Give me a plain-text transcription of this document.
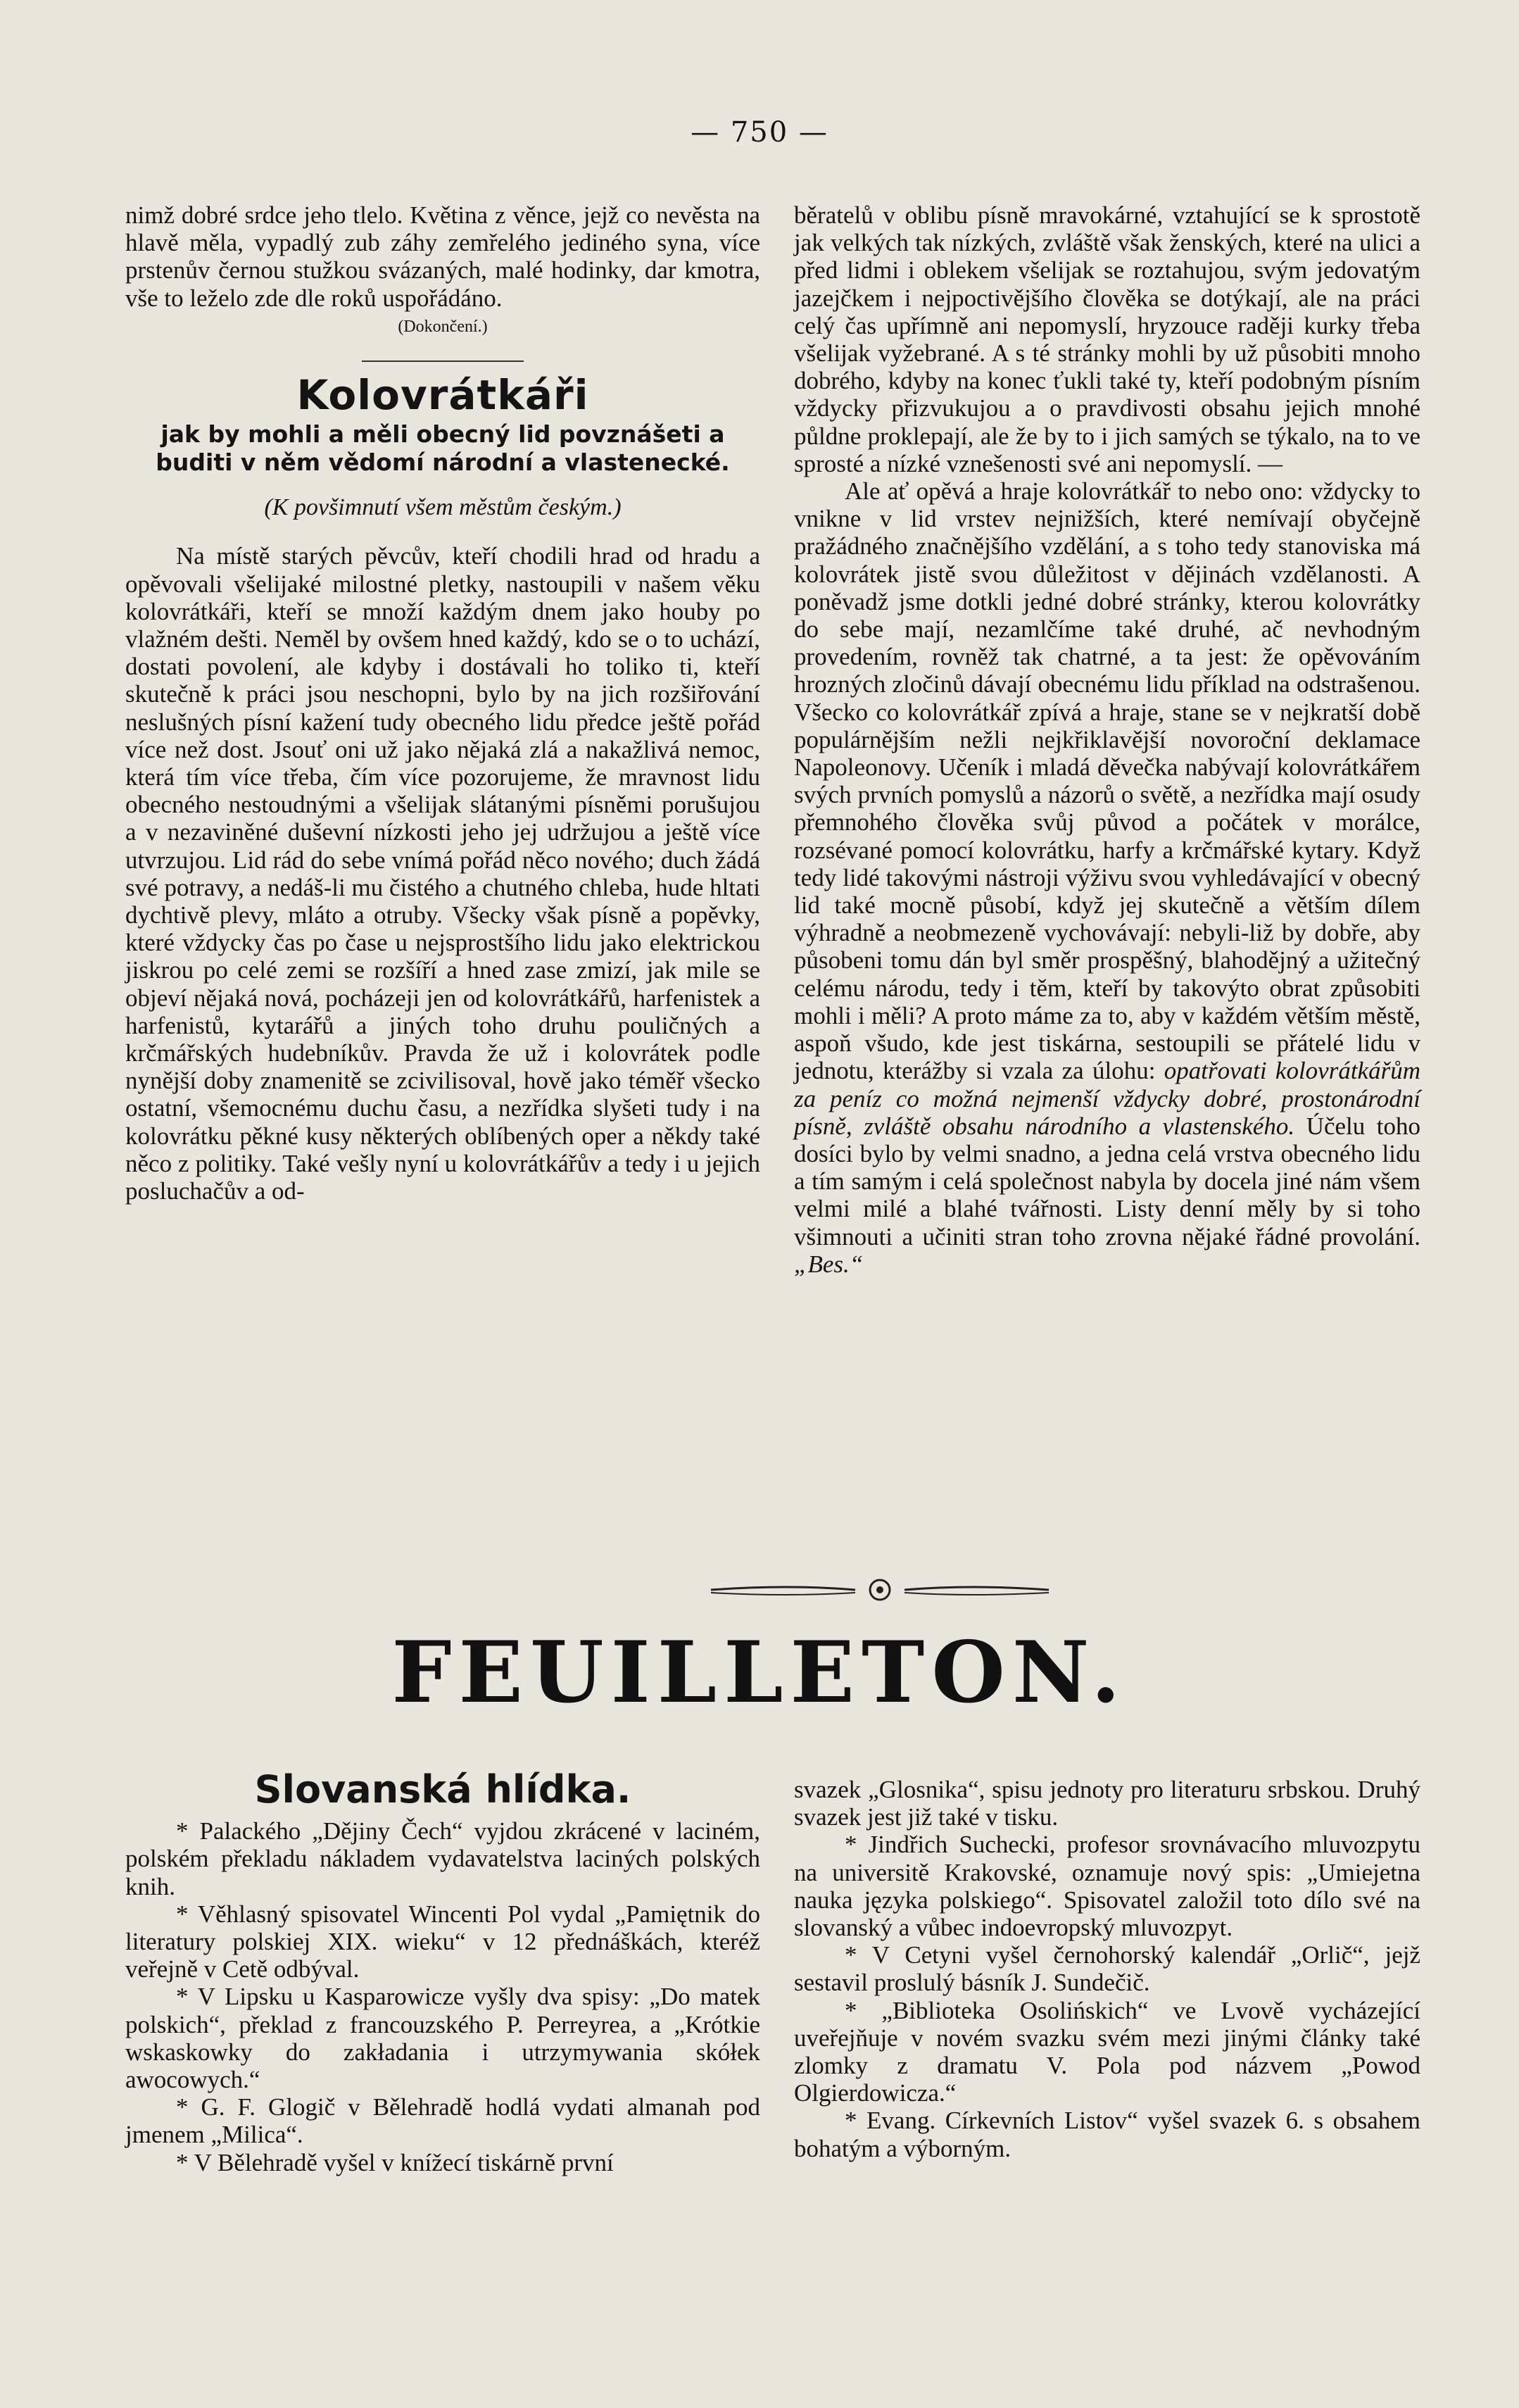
— 750 —

nimž dobré srdce jeho tlelo. Květina z věnce, jejž co nevěsta na hlavě měla, vypadlý zub záhy zemřelého jediného syna, více prstenův černou stužkou svázaných, malé hodinky, dar kmotra, vše to leželo zde dle roků uspořádáno.

(Dokončení.)
Kolovrátkáři
jak by mohli a měli obecný lid povznášeti a buditi v něm vědomí národní a vlastenecké.
(K povšimnutí všem městům českým.)

Na místě starých pěvcův, kteří chodili hrad od hradu a opěvovali všelijaké milostné pletky, nastoupili v našem věku kolovrátkáři, kteří se množí každým dnem jako houby po vlažném dešti. Neměl by ovšem hned každý, kdo se o to uchází, dostati povolení, ale kdyby i dostávali ho toliko ti, kteří skutečně k práci jsou neschopni, bylo by na jich rozšiřování neslušných písní kažení tudy obecného lidu předce ještě pořád více než dost. Jsouť oni už jako nějaká zlá a nakažlivá nemoc, která tím více třeba, čím více pozorujeme, že mravnost lidu obecného nestoudnými a všelijak slátanými písněmi porušujou a v nezaviněné duševní nízkosti jeho jej udržujou a ještě více utvrzujou. Lid rád do sebe vnímá pořád něco nového; duch žádá své potravy, a nedáš-li mu čistého a chutného chleba, hude hltati dychtivě plevy, mláto a otruby. Všecky však písně a popěvky, které vždycky čas po čase u nejsprostšího lidu jako elektrickou jiskrou po celé zemi se rozšíří a hned zase zmizí, jak mile se objeví nějaká nová, pocházeji jen od kolovrátkářů, harfenistek a harfenistů, kytarářů a jiných toho druhu pouličných a krčmářských hudebníkův. Pravda že už i kolovrátek podle nynější doby znamenitě se zcivilisoval, hově jako téměř všecko ostatní, všemocnému duchu času, a nezřídka slyšeti tudy i na kolovrátku pěkné kusy některých oblíbených oper a někdy také něco z politiky. Také vešly nyní u kolovrátkářův a tedy i u jejich posluchačův a od-

běratelů v oblibu písně mravokárné, vztahující se k sprostotě jak velkých tak nízkých, zvláště však ženských, které na ulici a před lidmi i oblekem všelijak se roztahujou, svým jedovatým jazejčkem i nejpoctivějšího člověka se dotýkají, ale na práci celý čas upřímně ani nepomyslí, hryzouce raději kurky třeba všelijak vyžebrané. A s té stránky mohli by už působiti mnoho dobrého, kdyby na konec ťukli také ty, kteří podobným písním vždycky přizvukujou a o pravdivosti obsahu jejich mnohé půldne proklepají, ale že by to i jich samých se týkalo, na to ve sprosté a nízké vznešenosti své ani nepomyslí. —

Ale ať opěvá a hraje kolovrátkář to nebo ono: vždycky to vnikne v lid vrstev nejnižších, které nemívají obyčejně pražádného značnějšího vzdělání, a s toho tedy stanoviska má kolovrátek jistě svou důležitost v dějinách vzdělanosti. A poněvadž jsme dotkli jedné dobré stránky, kterou kolovrátky do sebe mají, nezamlčíme také druhé, ač nevhodným provedením, rovněž tak chatrné, a ta jest: že opěvováním hrozných zločinů dávají obecnému lidu příklad na odstrašenou. Všecko co kolovrátkář zpívá a hraje, stane se v nejkratší době populárnějším nežli nejkřiklavější novoroční deklamace Napoleonovy. Učeník i mladá děvečka nabývají kolovrátkářem svých prvních pomyslů a názorů o světě, a nezřídka mají osudy přemnohého člověka svůj původ a počátek v morálce, rozsévané pomocí kolovrátku, harfy a krčmářské kytary. Když tedy lidé takovými nástroji výživu svou vyhledávající v obecný lid také mocně působí, když jej skutečně a větším dílem výhradně a neobmezeně vychovávají: nebyli-liž by dobře, aby působeni tomu dán byl směr prospěšný, blahodějný a užitečný celému národu, tedy i těm, kteří by takovýto obrat způsobiti mohli i měli? A proto máme za to, aby v každém větším městě, aspoň všudo, kde jest tiskárna, sestoupili se přátelé lidu v jednotu, kterážby si vzala za úlohu: opatřovati kolovrátkářům za peníz co možná nejmenší vždycky dobré, prostonárodní písně, zvláště obsahu národního a vlastenského. Účelu toho dosíci bylo by velmi snadno, a jedna celá vrstva obecného lidu a tím samým i celá společnost nabyla by docela jiné nám všem velmi milé a blahé tvářnosti. Listy denní měly by si toho všimnouti a učiniti stran toho zrovna nějaké řádné provolání. „Bes.“

FEUILLETON.
Slovanská hlídka.

* Palackého „Dějiny Čech“ vyjdou zkrácené v laciném, polském překladu nákladem vydavatelstva laciných polských knih.

* Věhlasný spisovatel Wincenti Pol vydal „Pamiętnik do literatury polskiej XIX. wieku“ v 12 přednáškách, kteréž veřejně v Cetě odbýval.

* V Lipsku u Kasparowicze vyšly dva spisy: „Do matek polskich“, překlad z francouzského P. Perreyrea, a „Krótkie wskaskowky do zakładania i utrzymywania skółek awocowych.“

* G. F. Glogič v Bělehradě hodlá vydati almanah pod jmenem „Milica“.

* V Bělehradě vyšel v knížecí tiskárně první

svazek „Glosnika“, spisu jednoty pro literaturu srbskou. Druhý svazek jest již také v tisku.

* Jindřich Suchecki, profesor srovnávacího mluvozpytu na universitě Krakovské, oznamuje nový spis: „Umiejetna nauka języka polskiego“. Spisovatel založil toto dílo své na slovanský a vůbec indoevropský mluvozpyt.

* V Cetyni vyšel černohorský kalendář „Orlič“, jejž sestavil proslulý básník J. Sundečič.

* „Biblioteka Osolińskich“ ve Lvově vycházející uveřejňuje v novém svazku svém mezi jinými články také zlomky z dramatu V. Pola pod názvem „Powod Olgierdowicza.“

* Evang. Církevních Listov“ vyšel svazek 6. s obsahem bohatým a výborným.
